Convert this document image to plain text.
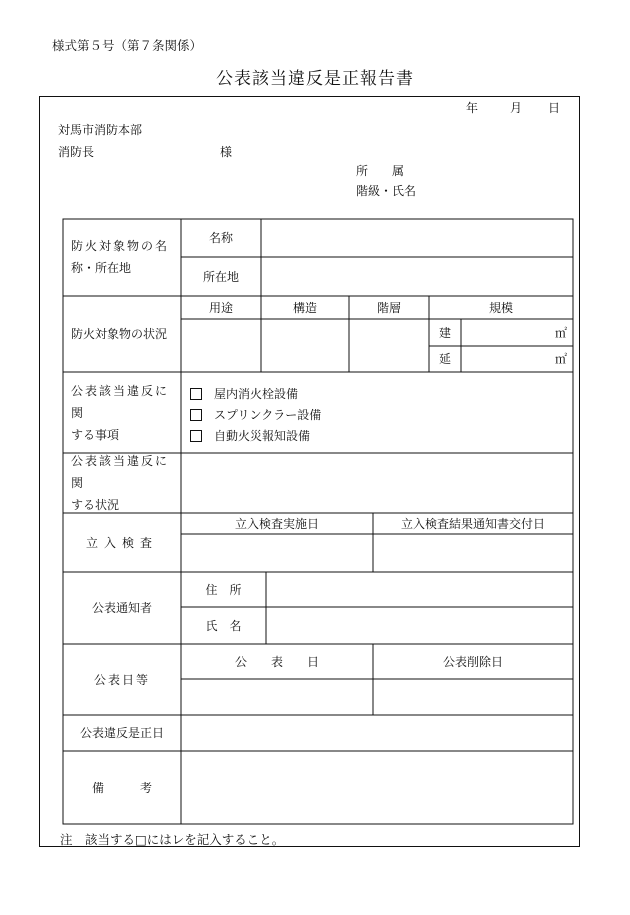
様式第５号（第７条関係）
公表該当違反是正報告書
年	月 日
対馬市消防本部
消防長	様
所　　属
階級・氏名
防火対象物の名
称・所在地
名称
所在地
防火対象物の状況
用途	構造	階層	規模
建	㎡
延	㎡
公表該当違反に関
する事項
屋内消火栓設備
スプリンクラー設備
自動火災報知設備
公表該当違反に関
する状況
立入検査
立入検査実施日	立入検査結果通知書交付日
公表通知者
住　所
氏　名
公表日等
公　　表　　日	公表削除日
公表違反是正日
備　　　考
注　該当する□にはレを記入すること。
